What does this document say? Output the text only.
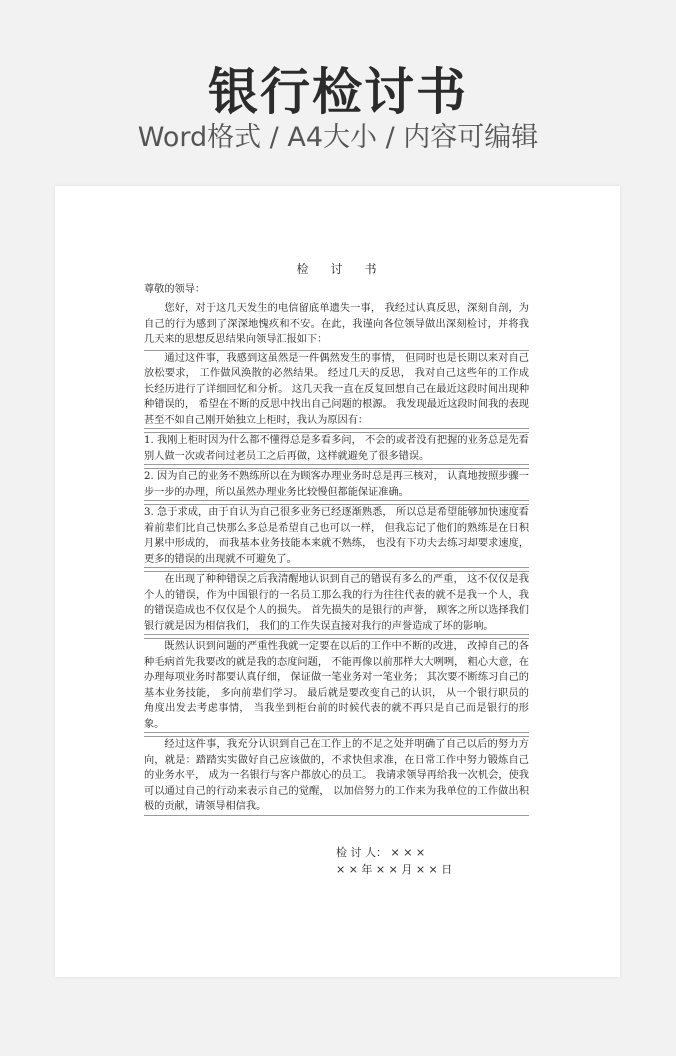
银行检讨书
Word格式 / A4大小 / 内容可编辑
检讨书
尊敬的领导：

您好，对于这几天发生的电信留底单遗失一事， 我经过认真反思，深刻自剖，为自己的行为感到了深深地愧疚和不安。在此，我谨向各位领导做出深刻检讨，并将我几天来的思想反思结果向领导汇报如下：

通过这件事，我感到这虽然是一件偶然发生的事情， 但同时也是长期以来对自己放松要求， 工作做风涣散的必然结果。 经过几天的反思， 我对自己这些年的工作成长经历进行了详细回忆和分析。 这几天我一直在反复回想自己在最近这段时间出现种种错误的， 希望在不断的反思中找出自己问题的根源。 我发现最近这段时间我的表现甚至不如自己刚开始独立上柜时，我认为原因有：

1. 我刚上柜时因为什么都不懂得总是多看多问， 不会的或者没有把握的业务总是先看别人做一次或者问过老员工之后再做，这样就避免了很多错误。

2. 因为自己的业务不熟练所以在为顾客办理业务时总是再三核对， 认真地按照步骤一步一步的办理，所以虽然办理业务比较慢但都能保证准确。

3. 急于求成，由于自认为自己很多业务已经逐渐熟悉， 所以总是希望能够加快速度看着前辈们比自己快那么多总是希望自己也可以一样， 但我忘记了他们的熟练是在日积月累中形成的， 而我基本业务技能本来就不熟练， 也没有下功夫去练习却要求速度，更多的错误的出现就不可避免了。

在出现了种种错误之后我清醒地认识到自己的错误有多么的严重， 这不仅仅是我个人的错误，作为中国银行的一名员工那么我的行为往往代表的就不是我一个人，我的错误造成也不仅仅是个人的损失。 首先损失的是银行的声誉， 顾客之所以选择我们银行就是因为相信我们， 我们的工作失误直接对我行的声誉造成了坏的影响。

既然认识到问题的严重性我就一定要在以后的工作中不断的改进， 改掉自己的各种毛病首先我要改的就是我的态度问题， 不能再像以前那样大大咧咧， 粗心大意，在办理每项业务时都要认真仔细， 保证做一笔业务对一笔业务； 其次要不断练习自己的基本业务技能， 多向前辈们学习。 最后就是要改变自己的认识， 从一个银行职员的角度出发去考虑事情， 当我坐到柜台前的时候代表的就不再只是自己而是银行的形象。

经过这件事，我充分认识到自己在工作上的不足之处并明确了自己以后的努力方向，就是：踏踏实实做好自己应该做的，不求快但求准，在日常工作中努力锻炼自己的业务水平， 成为一名银行与客户都放心的员工。 我请求领导再给我一次机会，使我可以通过自己的行动来表示自己的觉醒， 以加倍努力的工作来为我单位的工作做出积极的贡献，请领导相信我。

检 讨 人： × × ×
× × 年 × × 月 × × 日
